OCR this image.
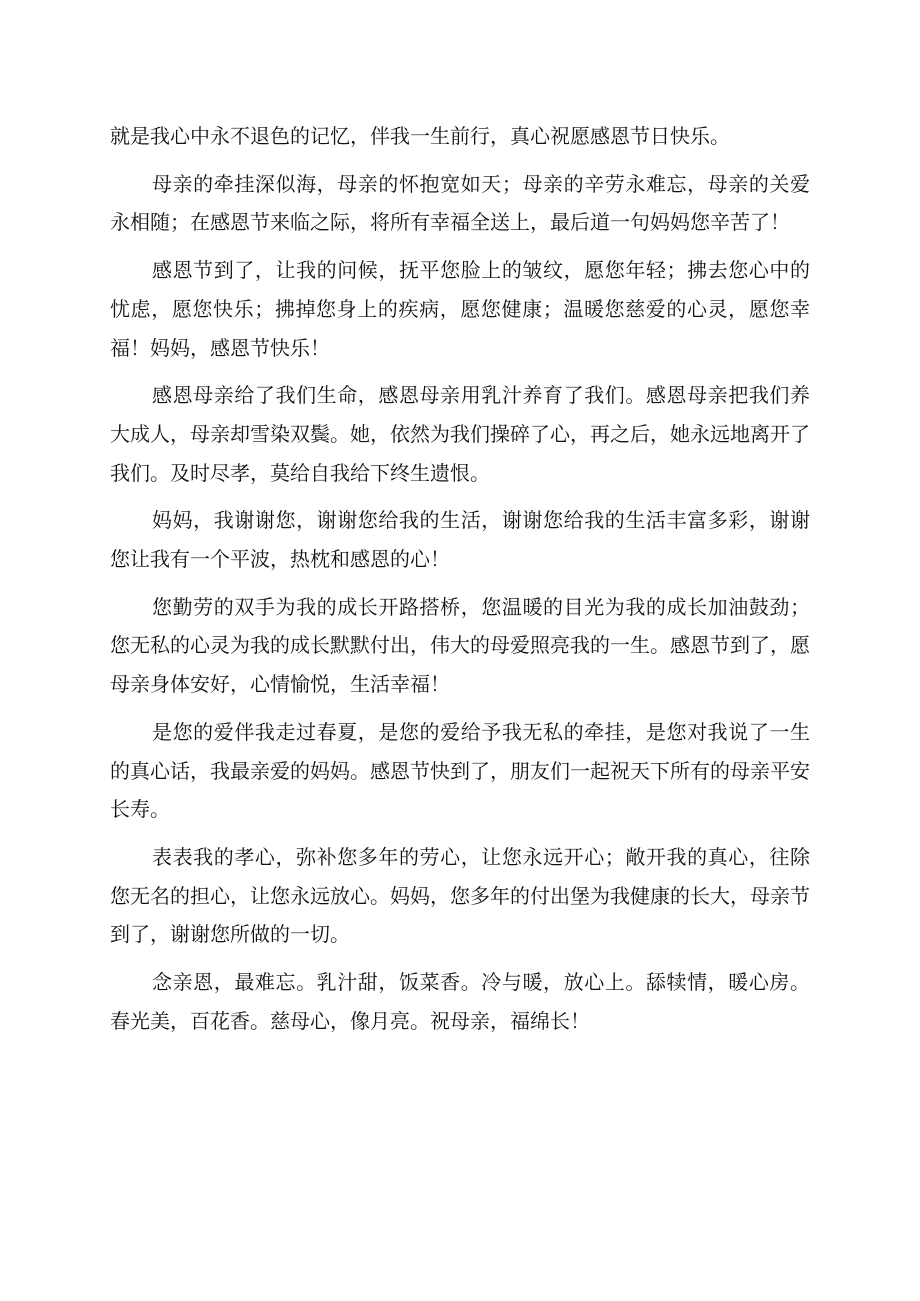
就是我心中永不退色的记忆，伴我一生前行，真心祝愿感恩节日快乐。

母亲的牵挂深似海，母亲的怀抱宽如天；母亲的辛劳永难忘，母亲的关爱永相随；在感恩节来临之际，将所有幸福全送上，最后道一句妈妈您辛苦了！

感恩节到了，让我的问候，抚平您脸上的皱纹，愿您年轻；拂去您心中的忧虑，愿您快乐；拂掉您身上的疾病，愿您健康；温暖您慈爱的心灵，愿您幸福！妈妈，感恩节快乐！

感恩母亲给了我们生命，感恩母亲用乳汁养育了我们。感恩母亲把我们养大成人，母亲却雪染双鬓。她，依然为我们操碎了心，再之后，她永远地离开了我们。及时尽孝，莫给自我给下终生遗恨。

妈妈，我谢谢您，谢谢您给我的生活，谢谢您给我的生活丰富多彩，谢谢您让我有一个平波，热枕和感恩的心！

您勤劳的双手为我的成长开路搭桥，您温暖的目光为我的成长加油鼓劲；您无私的心灵为我的成长默默付出，伟大的母爱照亮我的一生。感恩节到了，愿母亲身体安好，心情愉悦，生活幸福！

是您的爱伴我走过春夏，是您的爱给予我无私的牵挂，是您对我说了一生的真心话，我最亲爱的妈妈。感恩节快到了，朋友们一起祝天下所有的母亲平安长寿。

表表我的孝心，弥补您多年的劳心，让您永远开心；敞开我的真心，往除您无名的担心，让您永远放心。妈妈，您多年的付出堡为我健康的长大，母亲节到了，谢谢您所做的一切。

念亲恩，最难忘。乳汁甜，饭菜香。冷与暖，放心上。舔犊情，暖心房。春光美，百花香。慈母心，像月亮。祝母亲，福绵长！
